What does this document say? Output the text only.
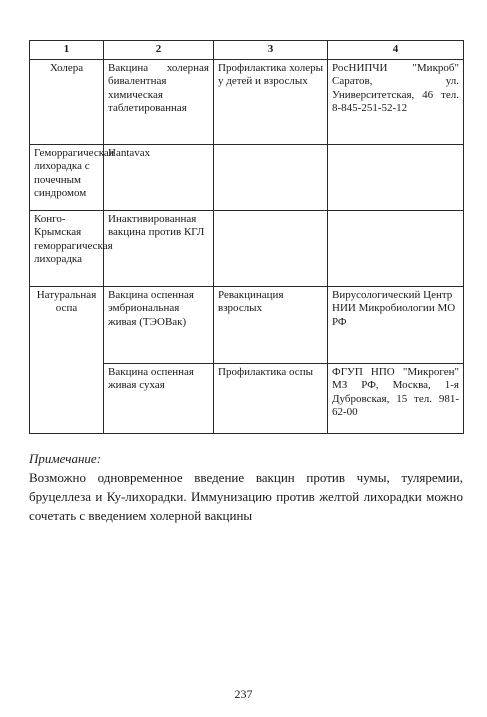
1	2	3	4
Холера	Вакцина холерная бивалентная химическая таблетированная	Профилактика холеры у детей и взрослых	РосНИПЧИ "Микроб" Саратов, ул. Университетская, 46 тел. 8-845-251-52-12
Геморрагическая лихорадка с почечным синдромом	Hantavax		
Конго-Крымская геморрагическая лихорадка	Инактивированная вакцина против КГЛ		
Натуральная оспа	Вакцина оспенная эмбриональная живая (ТЭОВак)	Ревакцинация взрослых	Вирусологический Центр НИИ Микробиологии МО РФ
	Вакцина оспенная живая сухая	Профилактика оспы	ФГУП НПО "Микроген" МЗ РФ, Москва, 1-я Дубровская, 15 тел. 981-62-00

Примечание:

Возможно одновременное введение вакцин против чумы, туляремии, бруцеллеза и Ку-лихорадки. Иммунизацию против желтой лихорадки можно сочетать с введением холерной вакцины

237
